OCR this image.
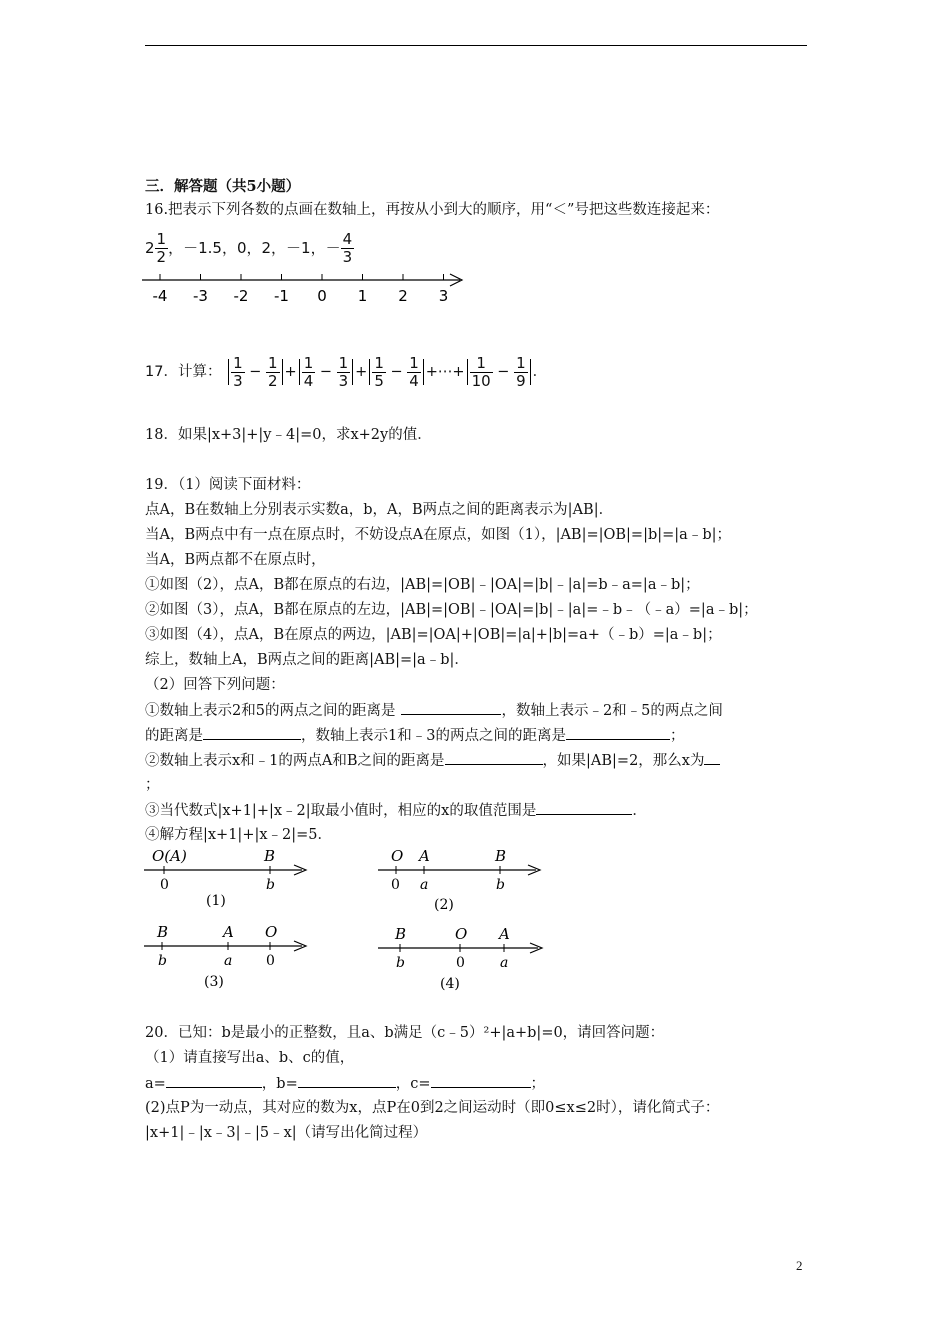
三．解答题（共5小题）
16.把表示下列各数的点画在数轴上，再按从小到大的顺序，用“＜”号把这些数连接起来：
$2 \frac{1}{2}$ ，－1.5，0，2，－1，－ $\frac{4}{3}$
-4 -3 -2 -1 0 1 2 3
17．计算： $\frac{1}{3} - \frac{1}{2} + \frac{1}{4} - \frac{1}{3} + \frac{1}{5} - \frac{1}{4}$ +⋯+ $\frac{1}{10} - \frac{1}{9}$ ．
18．如果|x+3|+|y﹣4|=0，求x+2y的值．
19．（1）阅读下面材料：
点A，B在数轴上分别表示实数a，b，A，B两点之间的距离表示为|AB|．
当A，B两点中有一点在原点时，不妨设点A在原点，如图（1），|AB|=|OB|=|b|=|a﹣b|；
当A，B两点都不在原点时，
①如图（2），点A，B都在原点的右边，|AB|=|OB|﹣|OA|=|b|﹣|a|=b﹣a=|a﹣b|；
②如图（3），点A，B都在原点的左边，|AB|=|OB|﹣|OA|=|b|﹣|a|=﹣b﹣（﹣a）=|a﹣b|；
③如图（4），点A，B在原点的两边，|AB|=|OA|+|OB|=|a|+|b|=a+（﹣b）=|a﹣b|；
综上，数轴上A，B两点之间的距离|AB|=|a﹣b|．
（2）回答下列问题：
①数轴上表示2和5的两点之间的距离是	，数轴上表示﹣2和﹣5的两点之间
的距离是	，数轴上表示1和﹣3的两点之间的距离是	；
②数轴上表示x和﹣1的两点A和B之间的距离是	，如果|AB|=2，那么x为
；
③当代数式|x+1|+|x﹣2|取最小值时，相应的x的取值范围是	．
④解方程|x+1|+|x﹣2|=5．
O(A)	B
0	b
(1)
O A	B
0 a	b
(2)
B	A O
b	a 0
(3)
B	O A
b	0	a
(4)
20．已知：b是最小的正整数，且a、b满足（c﹣5）²+|a+b|=0，请回答问题：
（1）请直接写出a、b、c的值，
a=	，b=	，c=	；
(2)点P为一动点，其对应的数为x，点P在0到2之间运动时（即0≤x≤2时），请化简式子：
|x+1|﹣|x﹣3|﹣|5﹣x|（请写出化简过程）
2
